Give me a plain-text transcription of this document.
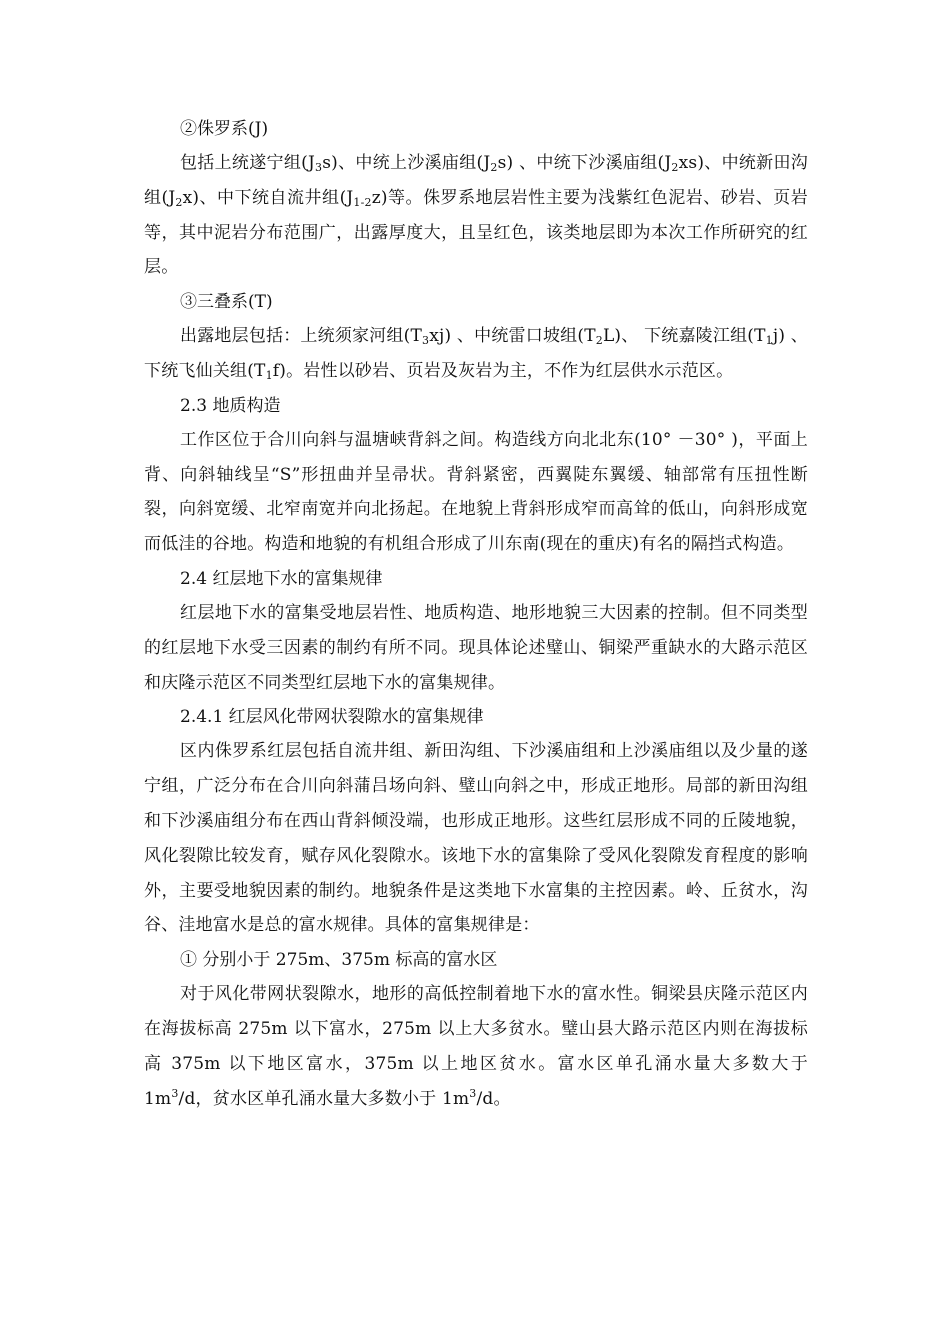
②侏罗系(J)

包括上统遂宁组$(J_3s)$、中统上沙溪庙组$(J_2s)$ 、中统下沙溪庙组$(J_2xs)$、中统新田沟组$(J_2x)$、中下统自流井组$(J_{1-2}z)$等。侏罗系地层岩性主要为浅紫红色泥岩、砂岩、页岩等，其中泥岩分布范围广，出露厚度大，且呈红色，该类地层即为本次工作所研究的红层。

③三叠系(T)

出露地层包括：上统须家河组$(T_3xj)$ 、中统雷口坡组$(T_2L)$、 下统嘉陵江组$(T_1j)$ 、下统飞仙关组$(T_1f)$。岩性以砂岩、页岩及灰岩为主，不作为红层供水示范区。

2.3 地质构造

工作区位于合川向斜与温塘峡背斜之间。构造线方向北北东(10° －30° )，平面上背、向斜轴线呈“S”形扭曲并呈帚状。背斜紧密，西翼陡东翼缓、轴部常有压扭性断裂，向斜宽缓、北窄南宽并向北扬起。在地貌上背斜形成窄而高耸的低山，向斜形成宽而低洼的谷地。构造和地貌的有机组合形成了川东南(现在的重庆)有名的隔挡式构造。

2.4 红层地下水的富集规律

红层地下水的富集受地层岩性、地质构造、地形地貌三大因素的控制。但不同类型的红层地下水受三因素的制约有所不同。现具体论述璧山、铜梁严重缺水的大路示范区和庆隆示范区不同类型红层地下水的富集规律。

2.4.1 红层风化带网状裂隙水的富集规律

区内侏罗系红层包括自流井组、新田沟组、下沙溪庙组和上沙溪庙组以及少量的遂宁组，广泛分布在合川向斜蒲吕场向斜、璧山向斜之中，形成正地形。局部的新田沟组和下沙溪庙组分布在西山背斜倾没端，也形成正地形。这些红层形成不同的丘陵地貌，风化裂隙比较发育，赋存风化裂隙水。该地下水的富集除了受风化裂隙发育程度的影响外，主要受地貌因素的制约。地貌条件是这类地下水富集的主控因素。岭、丘贫水，沟谷、洼地富水是总的富水规律。具体的富集规律是：

① 分别小于 275m、375m 标高的富水区

对于风化带网状裂隙水，地形的高低控制着地下水的富水性。铜梁县庆隆示范区内在海拔标高 275m 以下富水，275m 以上大多贫水。璧山县大路示范区内则在海拔标高 375m 以下地区富水，375m 以上地区贫水。富水区单孔涌水量大多数大于 $1m^3/d$，贫水区单孔涌水量大多数小于 $1m^3/d$。
